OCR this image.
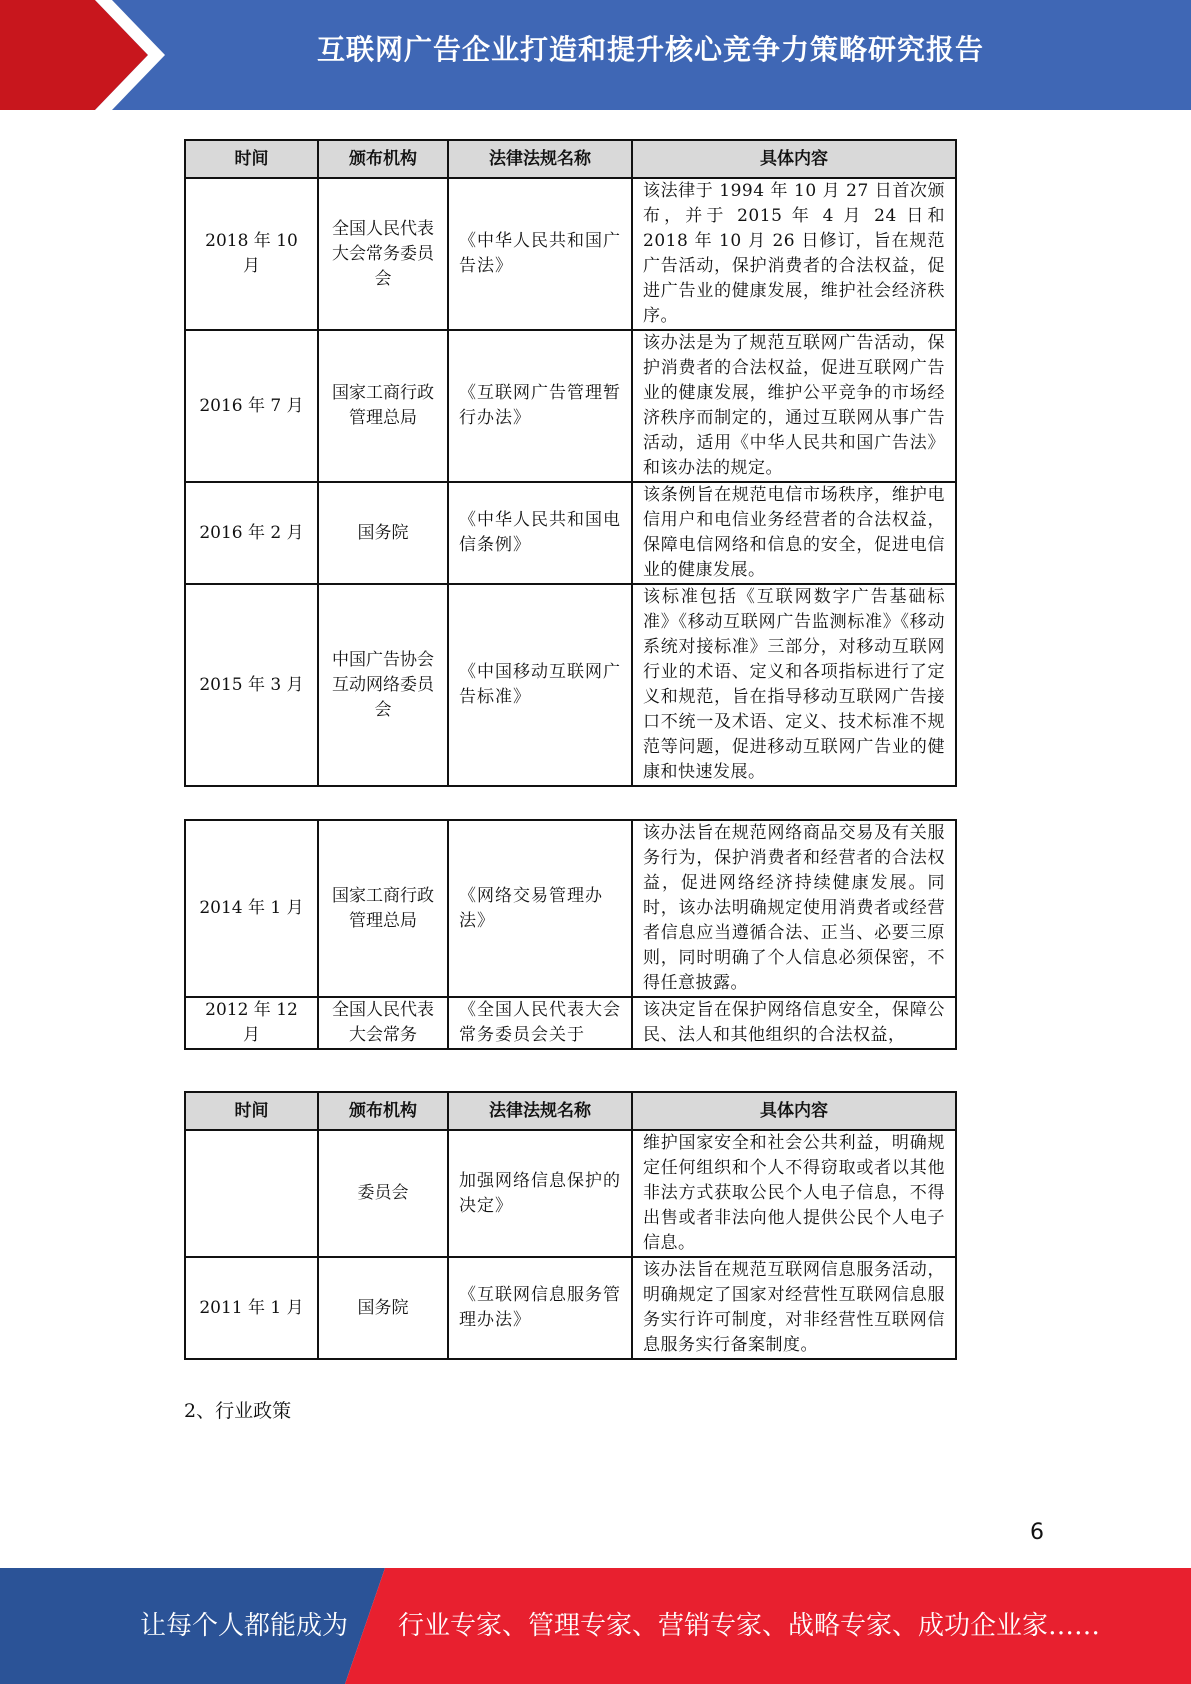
互联网广告企业打造和提升核心竞争力策略研究报告
时间	颁布机构	法律法规名称	具体内容
2018 年 10 月	全国人民代表大会常务委员会	《中华人民共和国广告法》	该法律于 1994 年 10 月 27 日首次颁布，并于 2015 年 4 月 24 日和 2018 年 10 月 26 日修订，旨在规范广告活动，保护消费者的合法权益，促进广告业的健康发展，维护社会经济秩序。
2016 年 7 月	国家工商行政管理总局	《互联网广告管理暂行办法》	该办法是为了规范互联网广告活动，保护消费者的合法权益，促进互联网广告业的健康发展，维护公平竞争的市场经济秩序而制定的，通过互联网从事广告活动，适用《中华人民共和国广告法》和该办法的规定。
2016 年 2 月	国务院	《中华人民共和国电信条例》	该条例旨在规范电信市场秩序，维护电信用户和电信业务经营者的合法权益，保障电信网络和信息的安全，促进电信业的健康发展。
2015 年 3 月	中国广告协会互动网络委员会	《中国移动互联网广告标准》	该标准包括《互联网数字广告基础标准》《移动互联网广告监测标准》《移动系统对接标准》三部分，对移动互联网行业的术语、定义和各项指标进行了定义和规范，旨在指导移动互联网广告接口不统一及术语、定义、技术标准不规范等问题，促进移动互联网广告业的健康和快速发展。
2014 年 1 月	国家工商行政管理总局	《网络交易管理办法》	该办法旨在规范网络商品交易及有关服务行为，保护消费者和经营者的合法权益，促进网络经济持续健康发展。同时，该办法明确规定使用消费者或经营者信息应当遵循合法、正当、必要三原则，同时明确了个人信息必须保密，不得任意披露。
2012 年 12 月	全国人民代表大会常务	《全国人民代表大会常务委员会关于	该决定旨在保护网络信息安全，保障公民、法人和其他组织的合法权益，
时间	颁布机构	法律法规名称	具体内容
	委员会	加强网络信息保护的决定》	维护国家安全和社会公共利益，明确规定任何组织和个人不得窃取或者以其他非法方式获取公民个人电子信息，不得出售或者非法向他人提供公民个人电子信息。
2011 年 1 月	国务院	《互联网信息服务管理办法》	该办法旨在规范互联网信息服务活动，明确规定了国家对经营性互联网信息服务实行许可制度，对非经营性互联网信息服务实行备案制度。
2、行业政策
6
让每个人都能成为 行业专家、管理专家、营销专家、战略专家、成功企业家……
